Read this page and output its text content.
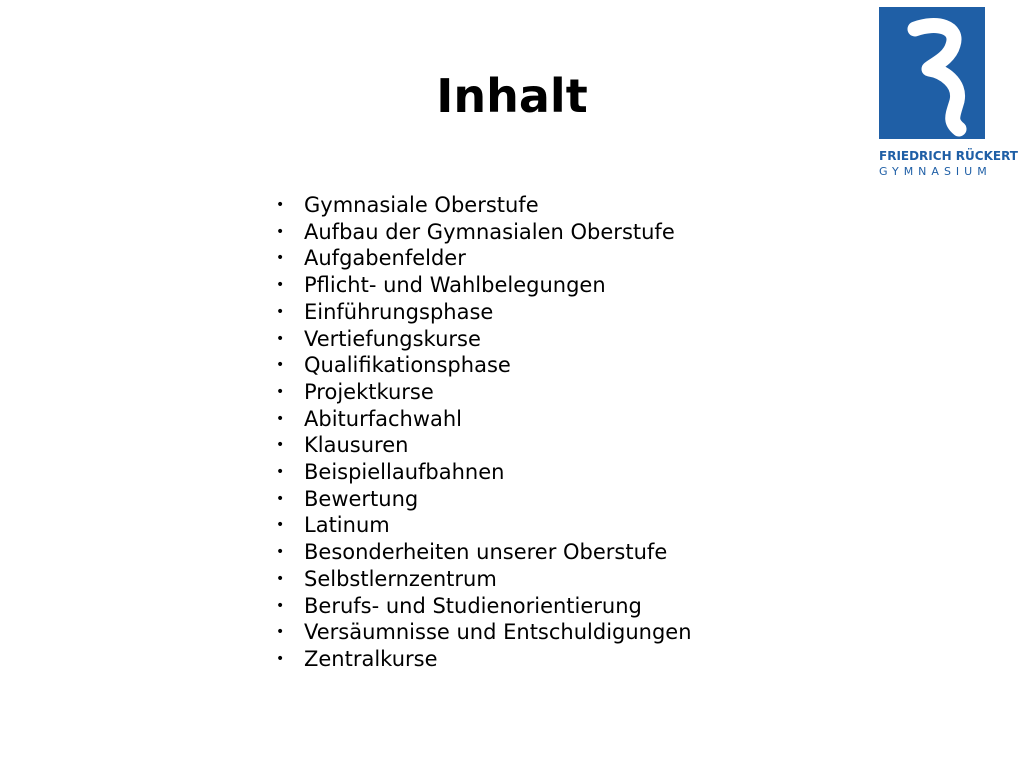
Inhalt
FRIEDRICH RÜCKERT
GYMNASIUM
• Gymnasiale Oberstufe
• Aufbau der Gymnasialen Oberstufe
• Aufgabenfelder
• Pflicht- und Wahlbelegungen
• Einführungsphase
• Vertiefungskurse
• Qualifikationsphase
• Projektkurse
• Abiturfachwahl
• Klausuren
• Beispiellaufbahnen
• Bewertung
• Latinum
• Besonderheiten unserer Oberstufe
• Selbstlernzentrum
• Berufs- und Studienorientierung
• Versäumnisse und Entschuldigungen
• Zentralkurse
